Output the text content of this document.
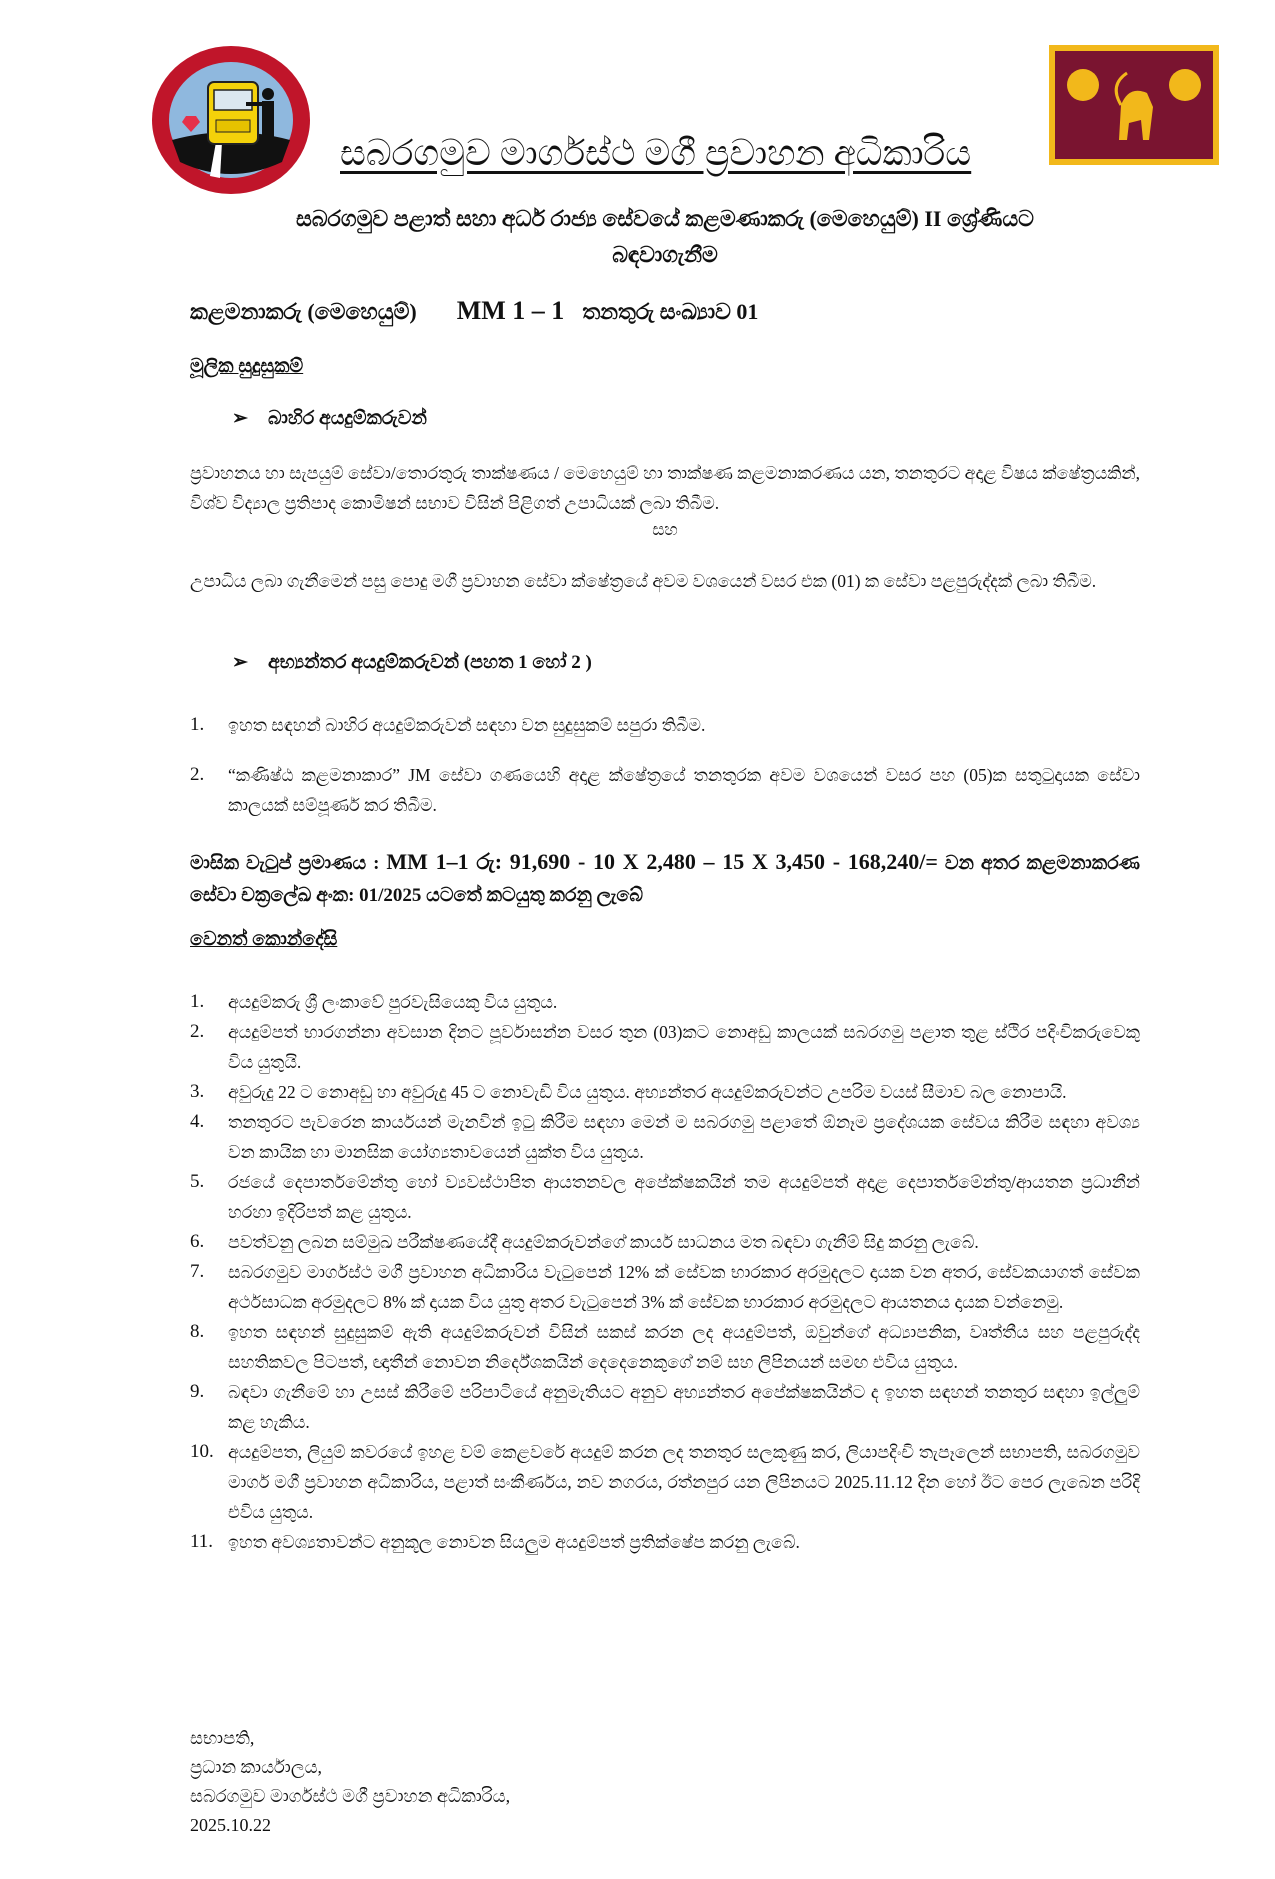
සබරගමුව මාර්ගස්ථ මගී ප්‍රවාහන අධිකාරිය
සබරගමුව පළාත් සහා අර්ධ රාජ්‍ය සේවයේ කළමණාකරු (මෙහෙයුම්) II ශ්‍රේණියට
බඳවාගැනීම
කළමනාකරු (මෙහෙයුම්) MM 1 – 1 තනතුරු සංඛ්‍යාව 01
මූලික සුදුසුකම්
➢ බාහිර අයදුම්කරුවන්
ප්‍රවාහනය හා සැපයුම් සේවා/තොරතුරු තාක්ෂණය / මෙහෙයුම් හා තාක්ෂණ කළමනාකරණය යන, තනතුරට අදාළ විෂය ක්ෂේත්‍රයකින්, විශ්ව විද්‍යාල ප්‍රතිපාද කොමිෂන් සභාව විසින් පිළිගත් උපාධියක් ලබා තිබීම.
සහ
උපාධිය ලබා ගැනීමෙන් පසු පොදු මගී ප්‍රවාහන සේවා ක්ෂේත්‍රයේ අවම වශයෙන් වසර එක (01) ක සේවා පළපුරුද්දක් ලබා තිබීම.
➢ අභ්‍යන්තර අයදුම්කරුවන් (පහත 1 හෝ 2 )
1. ඉහත සඳහන් බාහිර අයදුම්කරුවන් සඳහා වන සුදුසුකම් සපුරා තිබීම.
2. “කණිෂ්ඨ කළමනාකාර” JM සේවා ගණයෙහි අදාළ ක්ෂේත්‍රයේ තනතුරක අවම වශයෙන් වසර පහ (05)ක සතුටුදායක සේවා කාලයක් සම්පූර්ණ කර තිබීම.
මාසික වැටුප් ප්‍රමාණය : MM 1–1 රු: 91,690 - 10 X 2,480 – 15 X 3,450 - 168,240/= වන අතර කළමනාකරණ සේවා චක්‍රලේඛ අංක: 01/2025 යටතේ කටයුතු කරනු ලැබේ
වෙනත් කොන්දේසි
1. අයදුම්කරු ශ්‍රී ලංකාවේ පුරවැසියෙකු විය යුතුය.
2. අයදුම්පත් භාරගන්නා අවසාන දිනට පූර්වාසන්න වසර තුන (03)කට නොඅඩු කාලයක් සබරගමු පළාත තුළ ස්ථිර පදිංචිකරුවෙකු විය යුතුයි.
3. අවුරුදු 22 ට නොඅඩු හා අවුරුදු 45 ට නොවැඩි විය යුතුය. අභ්‍යන්තර අයදුම්කරුවන්ට උපරිම වයස් සීමාව බල නොපායි.
4. තනතුරට පැවරෙන කාර්යයන් මැනවින් ඉටු කිරීම සඳහා මෙන් ම සබරගමු පළාතේ ඕනෑම ප්‍රදේශයක සේවය කිරීම සඳහා අවශ්‍ය වන කායික හා මානසික යෝග්‍යතාවයෙන් යුක්ත විය යුතුය.
5. රජයේ දෙපාර්තමේන්තු හෝ ව්‍යවස්ථාපිත ආයතනවල අපේක්ෂකයින් තම අයදුම්පත් අදාළ දෙපාර්තමේන්තු/ආයතන ප්‍රධානීන් හරහා ඉදිරිපත් කළ යුතුය.
6. පවත්වනු ලබන සම්මුඛ පරීක්ෂණයේදී අයදුම්කරුවන්ගේ කාර්ය සාධනය මත බඳවා ගැනීම් සිදු කරනු ලැබේ.
7. සබරගමුව මාර්ගස්ථ මගී ප්‍රවාහන අධිකාරිය වැටුපෙන් 12% ක් සේවක භාරකාර අරමුදලට දායක වන අතර, සේවකයාගත් සේවක අර්ථසාධක අරමුදලට 8% ක් දායක විය යුතු අතර වැටුපෙන් 3% ක් සේවක භාරකාර අරමුදලට ආයතනය දායක වන්නෙමු.
8. ඉහත සඳහන් සුදුසුකම් ඇති අයදුම්කරුවන් විසින් සකස් කරන ලද අයදුම්පත්, ඔවුන්ගේ අධ්‍යාපනික, වෘත්තීය සහ පළපුරුද්ද සහතිකවල පිටපත්, ඥාතීන් නොවන නිර්දේශකයින් දෙදෙනෙකුගේ නම් සහ ලිපිනයන් සමඟ එවිය යුතුය.
9. බඳවා ගැනීමේ හා උසස් කිරීමේ පරිපාටියේ අනුමැතියට අනුව අභ්‍යන්තර අපේක්ෂකයින්ට ද ඉහත සඳහන් තනතුර සඳහා ඉල්ලුම් කළ හැකිය.
10. අයදුම්පත, ලියුම් කවරයේ ඉහළ වම් කෙළවරේ අයදුම් කරන ලද තනතුර සලකුණු කර, ලියාපදිංචි තැපෑලෙන් සභාපති, සබරගමුව මාර්ග මගී ප්‍රවාහන අධිකාරිය, පළාත් සංකීර්ණය, නව නගරය, රත්නපුර යන ලිපිනයට 2025.11.12 දින හෝ ඊට පෙර ලැබෙන පරිදි එවිය යුතුය.
11. ඉහත අවශ්‍යතාවන්ට අනුකූල නොවන සියලුම අයදුම්පත් ප්‍රතික්ෂේප කරනු ලැබේ.
සභාපති,
ප්‍රධාන කාර්යාලය,
සබරගමුව මාර්ගස්ථ මගී ප්‍රවාහන අධිකාරිය,
2025.10.22
